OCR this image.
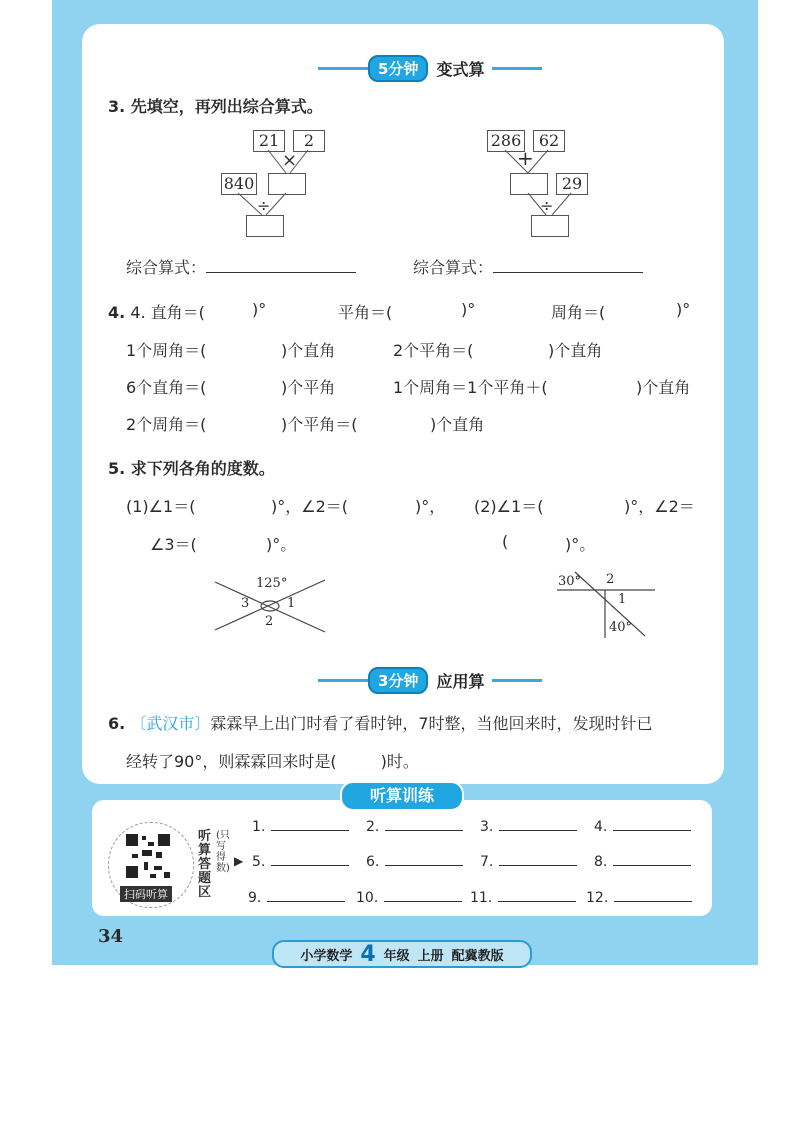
5分钟	变式算
3. 先填空，再列出综合算式。
21	2
×
840
÷
286	62
+
29
÷
综合算式：	综合算式：
4. 4. 直角＝(	)°	平角＝(	)°	周角＝(	)°
1个周角＝(	)个直角	2个平角＝(	)个直角
6个直角＝(	)个平角	1个周角＝1个平角＋(	)个直角
2个周角＝(	)个平角＝(	)个直角
5. 求下列各角的度数。
(1)∠1＝(	)°，∠2＝(	)°，
∠3＝(	)°。
(2)∠1＝(	)°，∠2＝
(	)°。
125°
1
2
3
30° 2
1
40°
3分钟	应用算
6. 〔武汉市〕霖霖早上出门时看了看时钟，7时整，当他回来时，发现时针已
经转了90°，则霖霖回来时是(	)时。
听算训练
扫码听算
听算答题区
(只写得数)
▶
1.	2.	3.	4.
5.	6.	7.	8.
9.	10.	11.	12.
34
小学数学 4 年级 上册 配冀教版
